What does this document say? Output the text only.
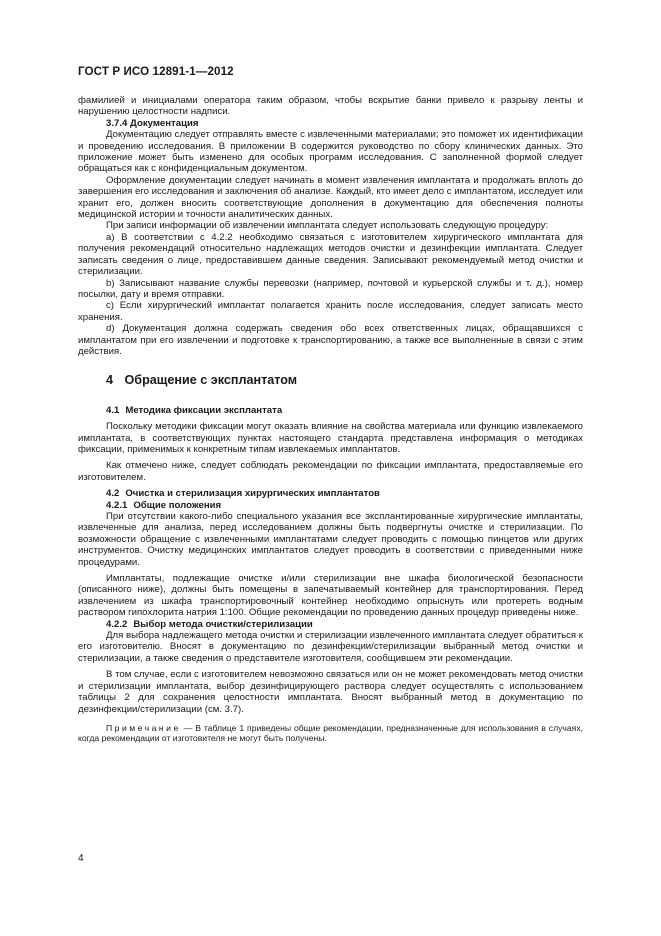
ГОСТ Р ИСО 12891-1—2012

фамилией и инициалами оператора таким образом, чтобы вскрытие банки привело к разрыву ленты и нарушению целостности надписи.

3.7.4 Документация

Документацию следует отправлять вместе с извлеченными материалами; это поможет их идентификации и проведению исследования. В приложении В содержится руководство по сбору клинических данных. Это приложение может быть изменено для особых программ исследования. С заполненной формой следует обращаться как с конфиденциальным документом.

Оформление документации следует начинать в момент извлечения имплантата и продолжать вплоть до завершения его исследования и заключения об анализе. Каждый, кто имеет дело с имплантатом, исследует или хранит его, должен вносить соответствующие дополнения в документацию для обеспечения полноты медицинской истории и точности аналитических данных.

При записи информации об извлечении имплантата следует использовать следующую процедуру:

a) В соответствии с 4.2.2 необходимо связаться с изготовителем хирургического имплантата для получения рекомендаций относительно надлежащих методов очистки и дезинфекции имплантата. Следует записать сведения о лице, предоставившем данные сведения. Записывают рекомендуемый метод очистки и стерилизации.

b) Записывают название службы перевозки (например, почтовой и курьерской службы и т. д.), номер посылки, дату и время отправки.

c) Если хирургический имплантат полагается хранить после исследования, следует записать место хранения.

d) Документация должна содержать сведения обо всех ответственных лицах, обращавшихся с имплантатом при его извлечении и подготовке к транспортированию, а также все выполненные в связи с этим действия.

4 Обращение с эксплантатом

4.1 Методика фиксации эксплантата

Поскольку методики фиксации могут оказать влияние на свойства материала или функцию извлекаемого имплантата, в соответствующих пунктах настоящего стандарта представлена информация о методиках фиксации, применимых к конкретным типам извлекаемых имплантатов.

Как отмечено ниже, следует соблюдать рекомендации по фиксации имплантата, предоставляемые его изготовителем.

4.2 Очистка и стерилизация хирургических имплантатов

4.2.1 Общие положения

При отсутствии какого-либо специального указания все эксплантированные хирургические имплантаты, извлеченные для анализа, перед исследованием должны быть подвергнуты очистке и стерилизации. По возможности обращение с извлеченными имплантатами следует проводить с помощью пинцетов или других инструментов. Очистку медицинских имплантатов следует проводить в соответствии с приведенными ниже процедурами.

Имплантаты, подлежащие очистке и/или стерилизации вне шкафа биологической безопасности (описанного ниже), должны быть помещены в запечатываемый контейнер для транспортирования. Перед извлечением из шкафа транспортировочный контейнер необходимо опрыснуть или протереть водным раствором гипохлорита натрия 1:100. Общие рекомендации по проведению данных процедур приведены ниже.

4.2.2 Выбор метода очистки/стерилизации

Для выбора надлежащего метода очистки и стерилизации извлеченного имплантата следует обратиться к его изготовителю. Вносят в документацию по дезинфекции/стерилизации выбранный метод очистки и стерилизации, а также сведения о представителе изготовителя, сообщившем эти рекомендации.

В том случае, если с изготовителем невозможно связаться или он не может рекомендовать метод очистки и стерилизации имплантата, выбор дезинфицирующего раствора следует осуществлять с использованием таблицы 2 для сохранения целостности имплантата. Вносят выбранный метод в документацию по дезинфекции/стерилизации (см. 3.7).

Примечание — В таблице 1 приведены общие рекомендации, предназначенные для использования в случаях, когда рекомендации от изготовителя не могут быть получены.

4
